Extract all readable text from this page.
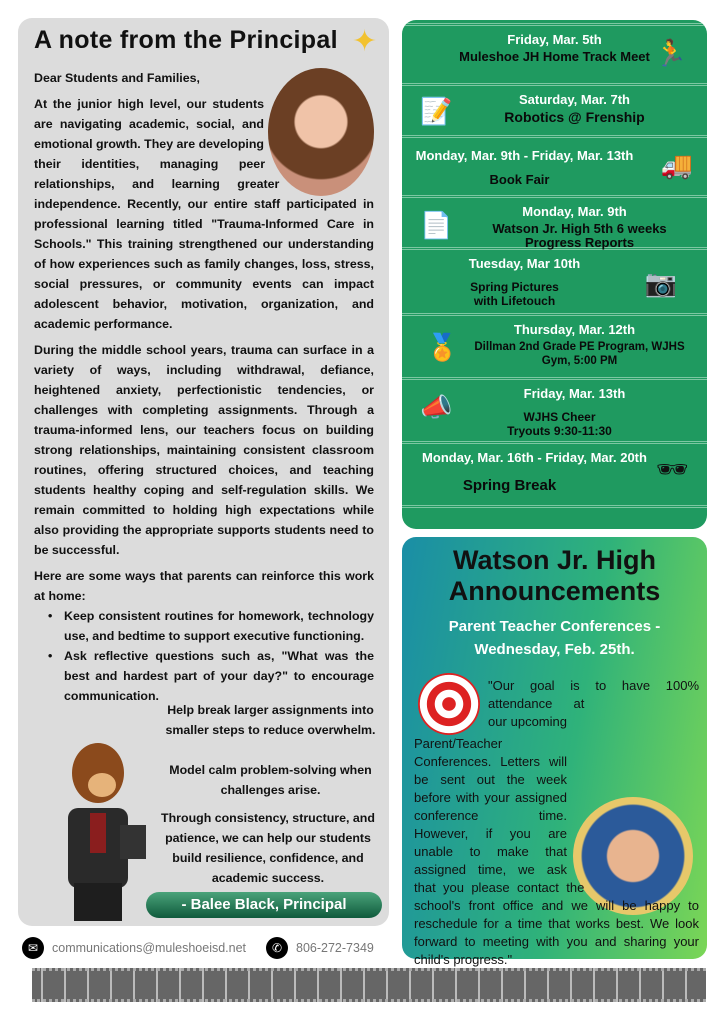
A note from the Principal ✦

Dear Students and Families,

At the junior high level, our students are navigating academic, social, and emotional growth. They are developing their identities, managing peer relationships, and learning greater independence. Recently, our entire staff participated in professional learning titled "Trauma-Informed Care in Schools." This training strengthened our understanding of how experiences such as family changes, loss, stress, social pressures, or community events can impact adolescent behavior, motivation, organization, and academic performance.

During the middle school years, trauma can surface in a variety of ways, including withdrawal, defiance, heightened anxiety, perfectionistic tendencies, or challenges with completing assignments. Through a trauma-informed lens, our teachers focus on building strong relationships, maintaining consistent classroom routines, offering structured choices, and teaching students healthy coping and self-regulation skills. We remain committed to holding high expectations while also providing the appropriate supports students need to be successful.

Here are some ways that parents can reinforce this work at home:

• Keep consistent routines for homework, technology use, and bedtime to support executive functioning.
• Ask reflective questions such as, "What was the best and hardest part of your day?" to encourage communication.
Help break larger assignments into smaller steps to reduce overwhelm.
Model calm problem-solving when challenges arise.
Through consistency, structure, and patience, we can help our students build resilience, confidence, and academic success.
- Balee Black, Principal
Friday, Mar. 5th
Muleshoe JH Home Track Meet 🏃
Saturday, Mar. 7th
Robotics @ Frenship
📝
Monday, Mar. 9th - Friday, Mar. 13th
Book Fair	🚚
Monday, Mar. 9th
Watson Jr. High 5th 6 weeks Progress Reports
📄
Tuesday, Mar 10th
Spring Pictures with Lifetouch
📷
Thursday, Mar. 12th
Dillman 2nd Grade PE Program, WJHS Gym, 5:00 PM
🏅
Friday, Mar. 13th
WJHS Cheer Tryouts 9:30-11:30
📣
Monday, Mar. 16th - Friday, Mar. 20th
Spring Break
🕶
Watson Jr. High Announcements
Parent Teacher Conferences - Wednesday, Feb. 25th.
"Our goal is to have 100% attendance at our upcoming Parent/Teacher Conferences. Letters will be sent out the week before with your assigned conference time. However, if you are unable to make that assigned time, we ask that you please contact the school's front office and we will be happy to reschedule for a time that works best. We look forward to meeting with you and sharing your child's progress."
✉	communications@muleshoeisd.net	✆	806-272-7349
